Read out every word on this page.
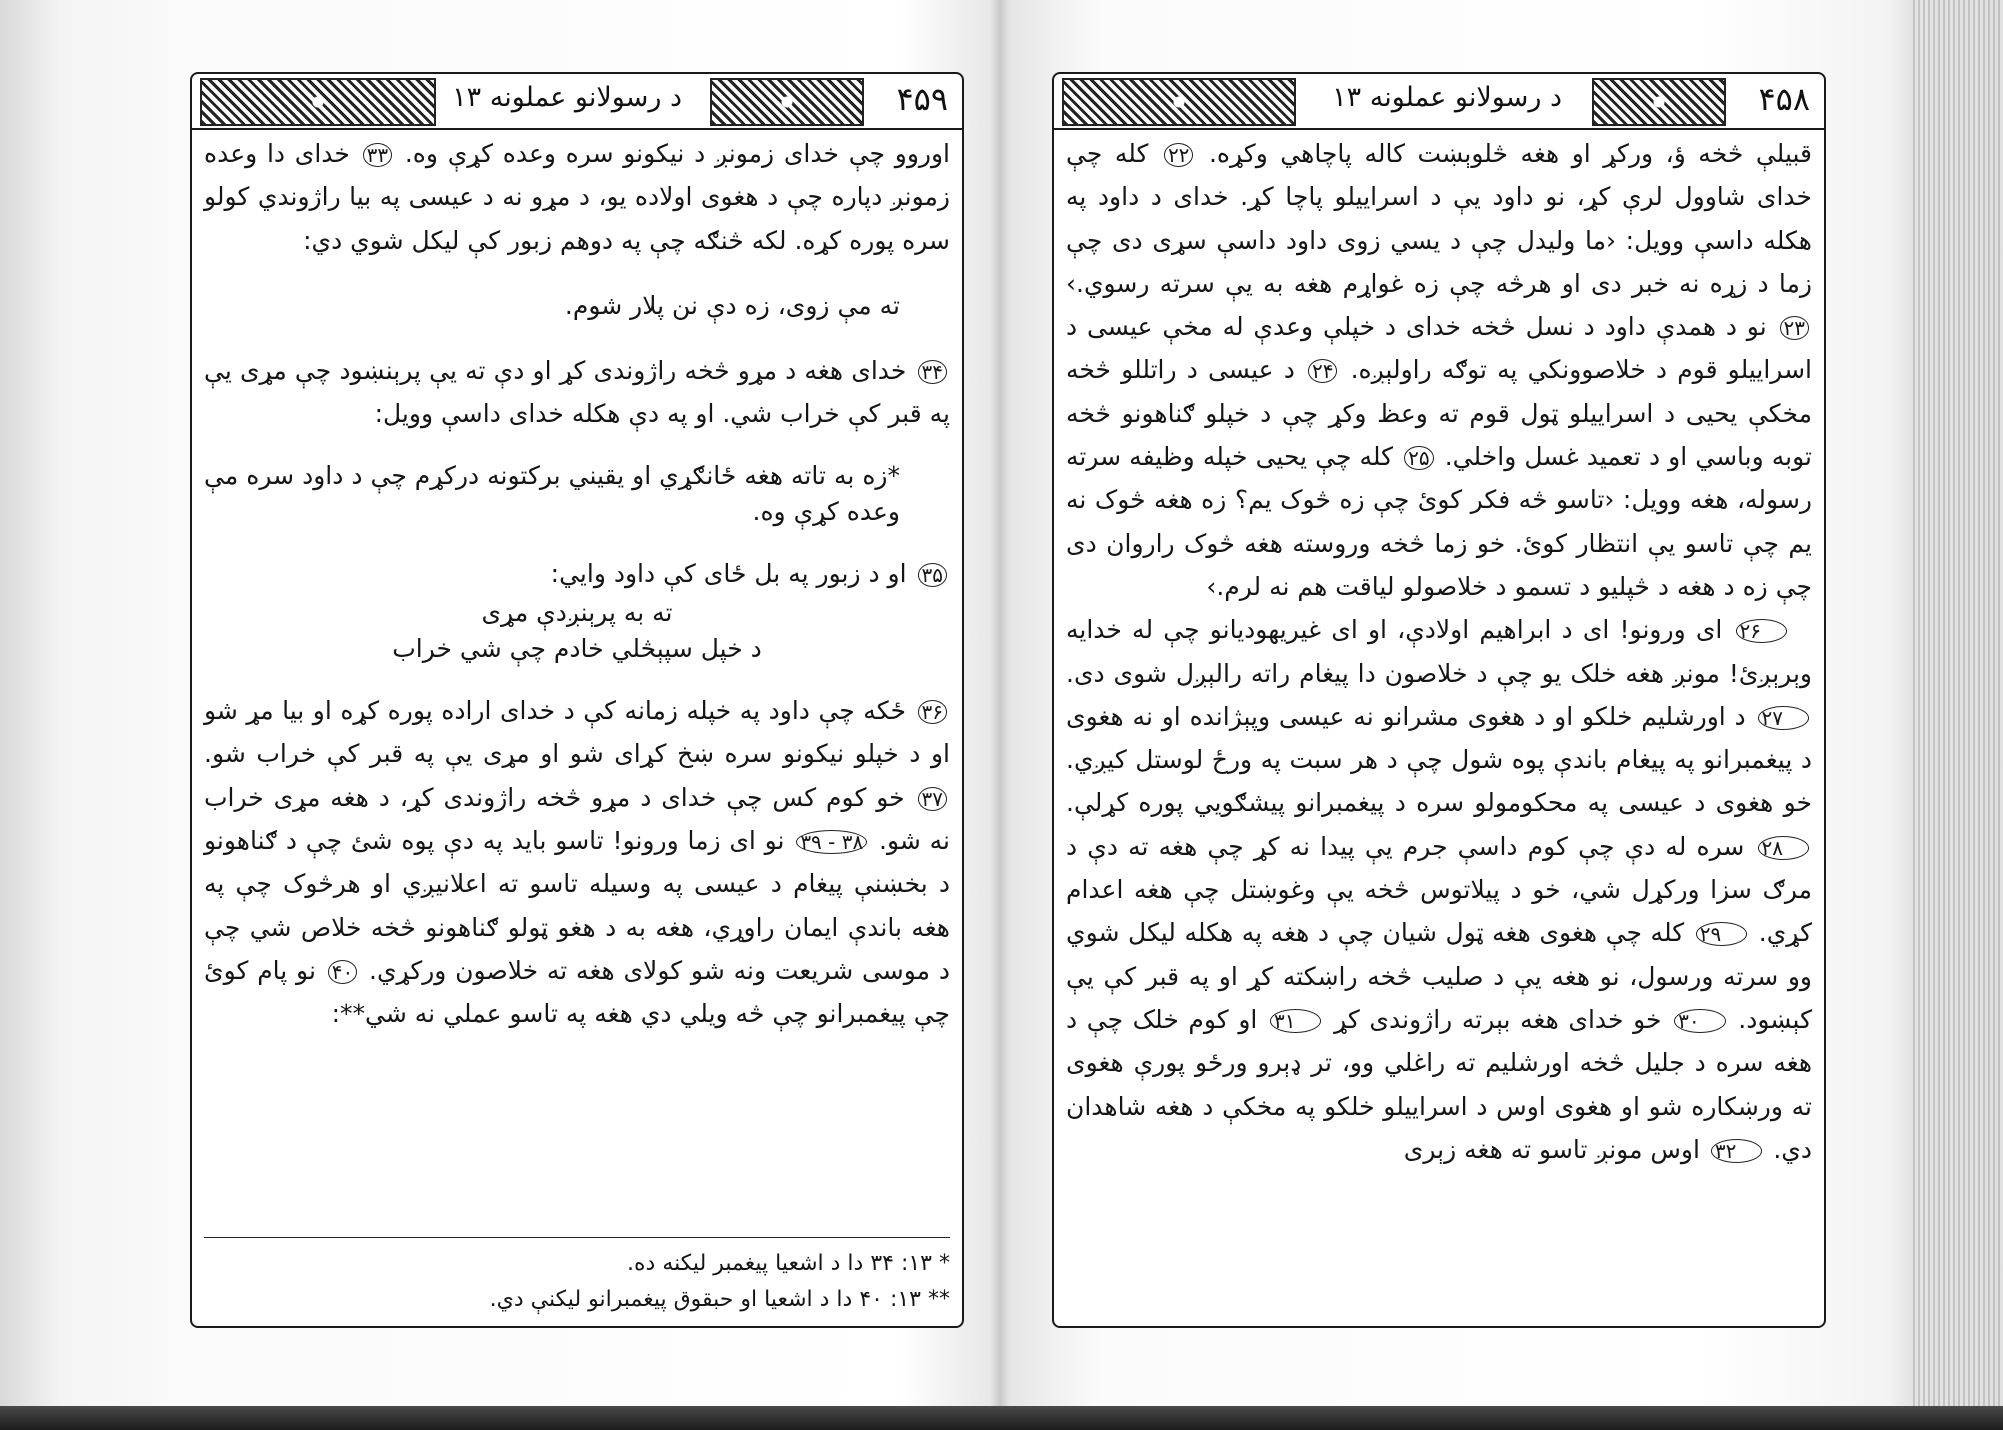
۴۵۹
د رسولانو عملونه ۱۳

اوروو چې خدای زمونږ د نيکونو سره وعده کړې وه. ۳۳ خدای دا وعده زمونږ دپاره چې د هغوی اولاده يو، د مړو نه د عيسی په بيا راژوندي کولو سره پوره کړه. لکه څنګه چې په دوهم زبور کې ليکل شوي دي:

ته مې زوی، زه دې نن پلار شوم.

۳۴ خدای هغه د مړو څخه راژوندی کړ او دې ته يې پرېنښود چې مړی يې په قبر کې خراب شي. او په دې هکله خدای داسې وويل:

*زه به تاته هغه ځانګړي او يقيني برکتونه درکړم چې د داود سره مې وعده کړې وه.

۳۵ او د زبور په بل ځای کې داود وايي:

ته به پرېنږدې مړی

د خپل سپېڅلي خادم چې شي خراب

۳۶ ځکه چې داود په خپله زمانه کې د خدای اراده پوره کړه او بيا مړ شو او د خپلو نيکونو سره ښخ کړای شو او مړی يې په قبر کې خراب شو. ۳۷ خو کوم کس چې خدای د مړو څخه راژوندی کړ، د هغه مړی خراب نه شو. ۳۸ - ۳۹ نو ای زما ورونو! تاسو بايد په دې پوه شئ چې د ګناهونو د بخښنې پيغام د عيسی په وسيله تاسو ته اعلانيږي او هرڅوک چې په هغه باندې ايمان راوړي، هغه به د هغو ټولو ګناهونو څخه خلاص شي چې د موسی شريعت ونه شو کولای هغه ته خلاصون ورکړي. ۴۰ نو پام کوئ چې پيغمبرانو چې څه ويلي دي هغه په تاسو عملي نه شي**:

* ۱۳: ۳۴ دا د اشعيا پيغمبر ليکنه ده.

** ۱۳: ۴۰ دا د اشعيا او حبقوق پيغمبرانو ليکنې دي.

۴۵۸
د رسولانو عملونه ۱۳

قبيلې څخه ؤ، ورکړ او هغه څلوېښت کاله پاچاهي وکړه. ۲۲ کله چې خدای شاوول لرې کړ، نو داود يې د اسراييلو پاچا کړ. خدای د داود په هکله داسې وويل: ‹ما وليدل چې د يسي زوی داود داسې سړی دی چې زما د زړه نه خبر دی او هرڅه چې زه غواړم هغه به يې سرته رسوي.› ۲۳ نو د همدې داود د نسل څخه خدای د خپلې وعدې له مخې عيسی د اسراييلو قوم د خلاصوونکي په توګه راولېږه. ۲۴ د عيسی د راتللو څخه مخکې يحيی د اسراييلو ټول قوم ته وعظ وکړ چې د خپلو ګناهونو څخه توبه وباسي او د تعميد غسل واخلي. ۲۵ کله چې يحيی خپله وظيفه سرته رسوله، هغه وويل: ‹تاسو څه فکر کوئ چې زه څوک يم؟ زه هغه څوک نه يم چې تاسو يې انتظار کوئ. خو زما څخه وروسته هغه څوک راروان دی چې زه د هغه د څپليو د تسمو د خلاصولو لياقت هم نه لرم.›

۲۶ ای ورونو! ای د ابراهيم اولادې، او ای غيريهوديانو چې له خدايه وېرېږئ! مونږ هغه خلک يو چې د خلاصون دا پيغام راته رالېږل شوی دی. ۲۷ د اورشليم خلکو او د هغوی مشرانو نه عيسی وپېژانده او نه هغوی د پيغمبرانو په پيغام باندې پوه شول چې د هر سبت په ورځ لوستل کيږي. خو هغوی د عيسی په محکومولو سره د پيغمبرانو پيشګويي پوره کړلې. ۲۸ سره له دې چې کوم داسې جرم يې پيدا نه کړ چې هغه ته دې د مرګ سزا ورکړل شي، خو د پيلاتوس څخه يې وغوښتل چې هغه اعدام کړي. ۲۹ کله چې هغوی هغه ټول شيان چې د هغه په هکله ليکل شوي وو سرته ورسول، نو هغه يې د صليب څخه راښکته کړ او په قبر کې يې کېښود. ۳۰ خو خدای هغه بېرته راژوندی کړ ۳۱ او کوم خلک چې د هغه سره د جليل څخه اورشليم ته راغلي وو، تر ډېرو ورځو پورې هغوی ته ورښکاره شو او هغوی اوس د اسراييلو خلکو په مخکې د هغه شاهدان دي. ۳۲ اوس مونږ تاسو ته هغه زېری
